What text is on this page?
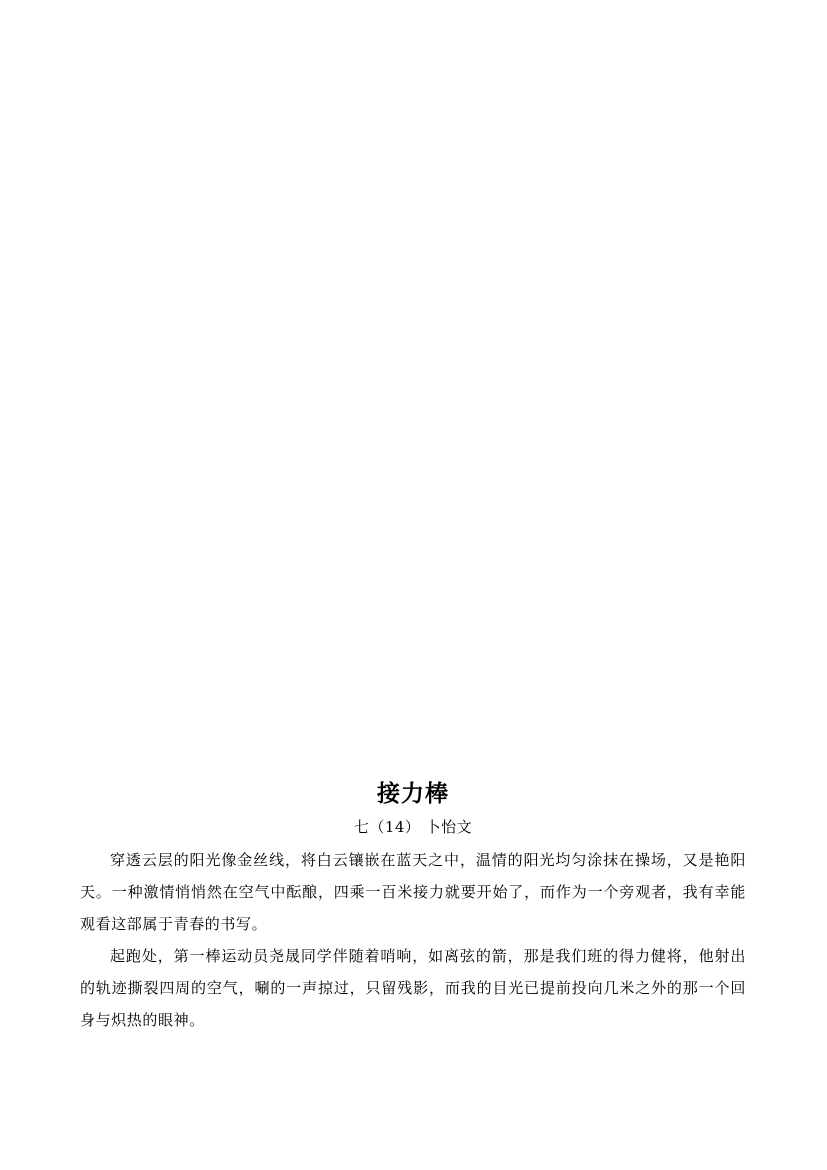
接力棒
七（14） 卜怡文

穿透云层的阳光像金丝线，将白云镶嵌在蓝天之中，温情的阳光均匀涂抹在操场，又是艳阳天。一种激情悄悄然在空气中酝酿，四乘一百米接力就要开始了，而作为一个旁观者，我有幸能观看这部属于青春的书写。

起跑处，第一棒运动员尧晟同学伴随着哨响，如离弦的箭，那是我们班的得力健将，他射出的轨迹撕裂四周的空气，唰的一声掠过，只留残影，而我的目光已提前投向几米之外的那一个回身与炽热的眼神。
